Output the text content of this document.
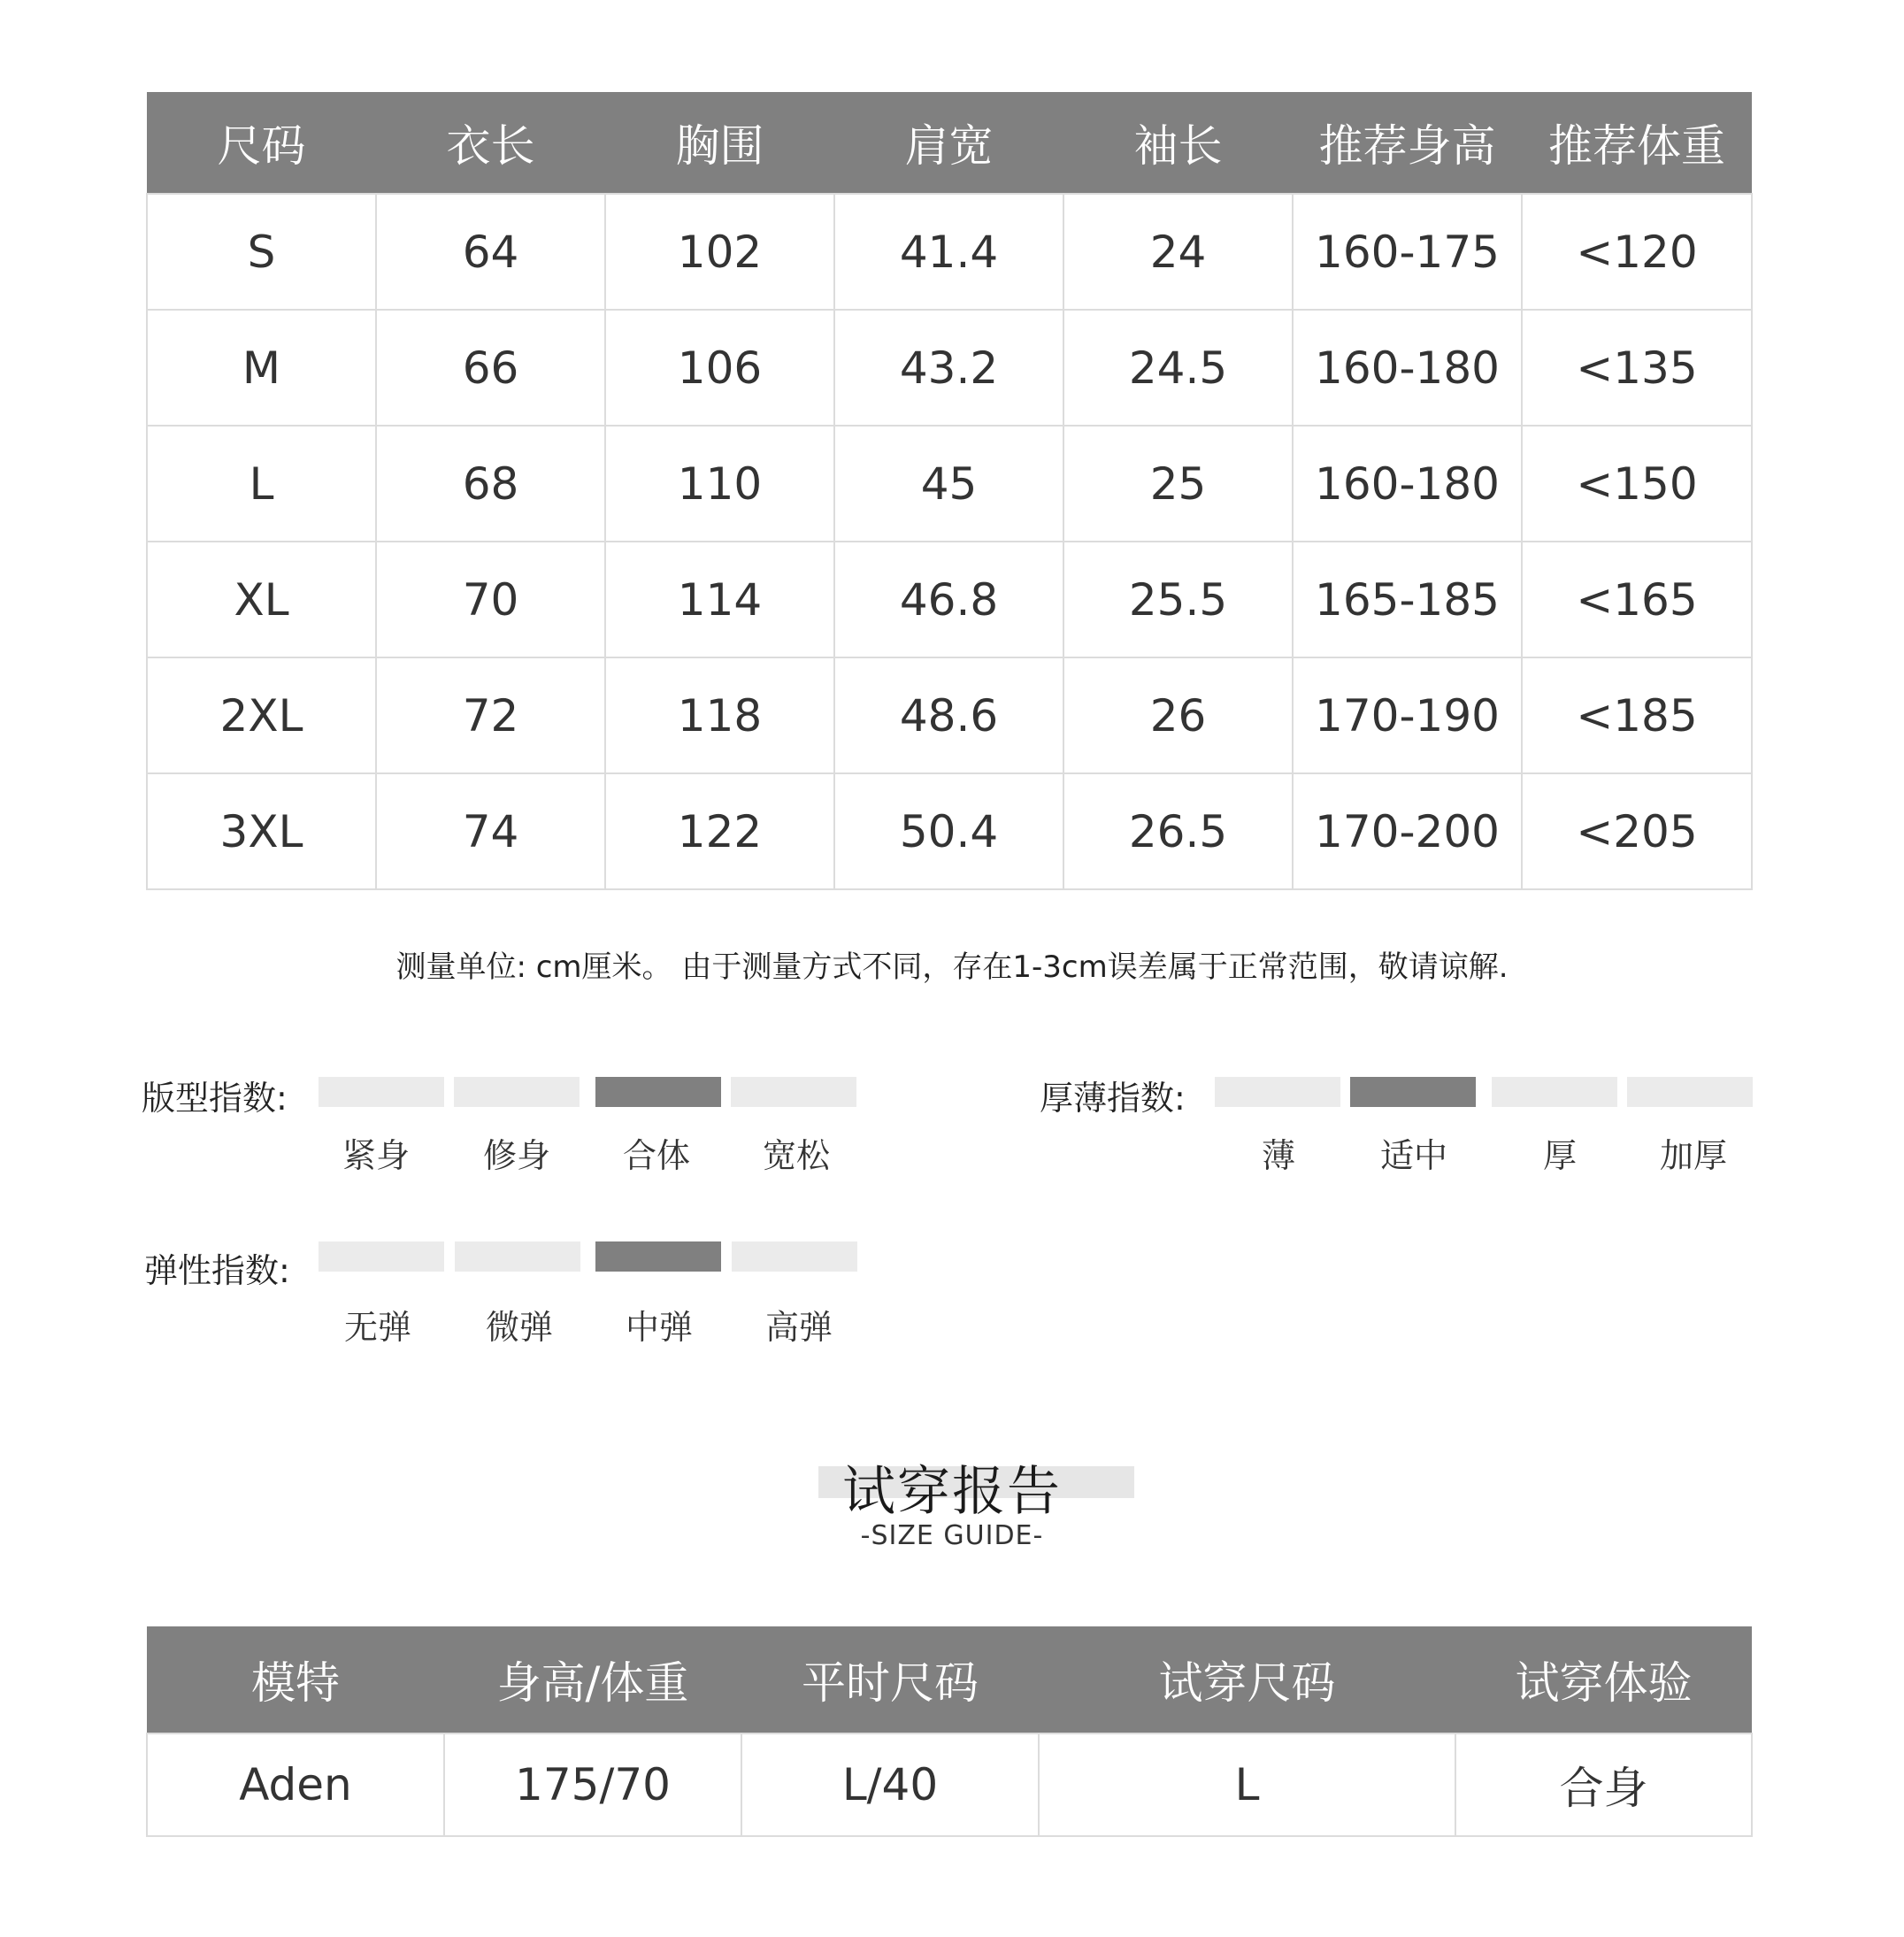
尺码	衣长	胸围	肩宽	袖长	推荐身高	推荐体重
S	64	102	41.4	24	160-175	<120
M	66	106	43.2	24.5	160-180	<135
L	68	110	45	25	160-180	<150
XL	70	114	46.8	25.5	165-185	<165
2XL	72	118	48.6	26	170-190	<185
3XL	74	122	50.4	26.5	170-200	<205
测量单位: cm厘米。 由于测量方式不同，存在1-3cm误差属于正常范围，敬请谅解.
版型指数:
紧身	修身	合体	宽松
厚薄指数:
薄	适中	厚	加厚
弹性指数:
无弹	微弹	中弹	高弹
试穿报告
-SIZE GUIDE-
模特	身高/体重	平时尺码	试穿尺码	试穿体验
Aden	175/70	L/40	L	合身
